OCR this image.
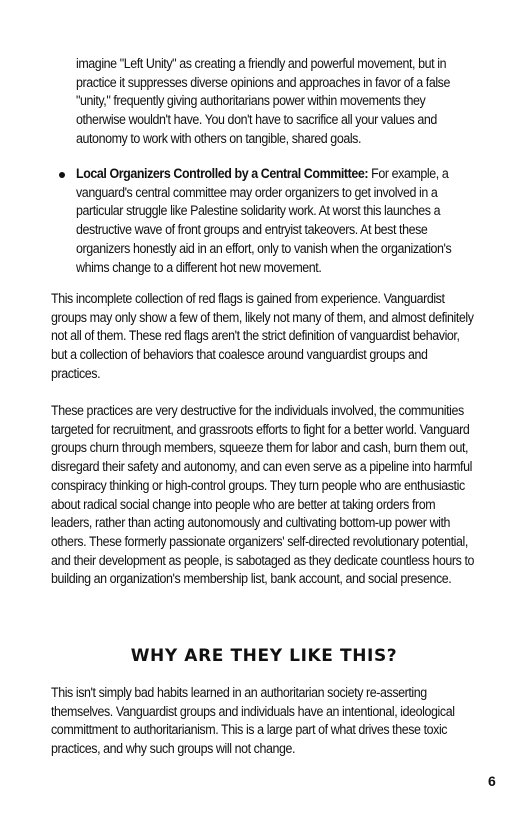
imagine "Left Unity" as creating a friendly and powerful movement, but in practice it suppresses diverse opinions and approaches in favor of a false "unity," frequently giving authoritarians power within movements they otherwise wouldn't have. You don't have to sacrifice all your values and autonomy to work with others on tangible, shared goals.
Local Organizers Controlled by a Central Committee: For example, a vanguard's central committee may order organizers to get involved in a particular struggle like Palestine solidarity work. At worst this launches a destructive wave of front groups and entryist takeovers. At best these organizers honestly aid in an effort, only to vanish when the organization's whims change to a different hot new movement.
This incomplete collection of red flags is gained from experience. Vanguardist groups may only show a few of them, likely not many of them, and almost definitely not all of them. These red flags aren't the strict definition of vanguardist behavior, but a collection of behaviors that coalesce around vanguardist groups and practices.
These practices are very destructive for the individuals involved, the communities targeted for recruitment, and grassroots efforts to fight for a better world. Vanguard groups churn through members, squeeze them for labor and cash, burn them out, disregard their safety and autonomy, and can even serve as a pipeline into harmful conspiracy thinking or high-control groups. They turn people who are enthusiastic about radical social change into people who are better at taking orders from leaders, rather than acting autonomously and cultivating bottom-up power with others. These formerly passionate organizers' self-directed revolutionary potential, and their development as people, is sabotaged as they dedicate countless hours to building an organization's membership list, bank account, and social presence.
WHY ARE THEY LIKE THIS?
This isn't simply bad habits learned in an authoritarian society re-asserting themselves. Vanguardist groups and individuals have an intentional, ideological committment to authoritarianism. This is a large part of what drives these toxic practices, and why such groups will not change.
6
